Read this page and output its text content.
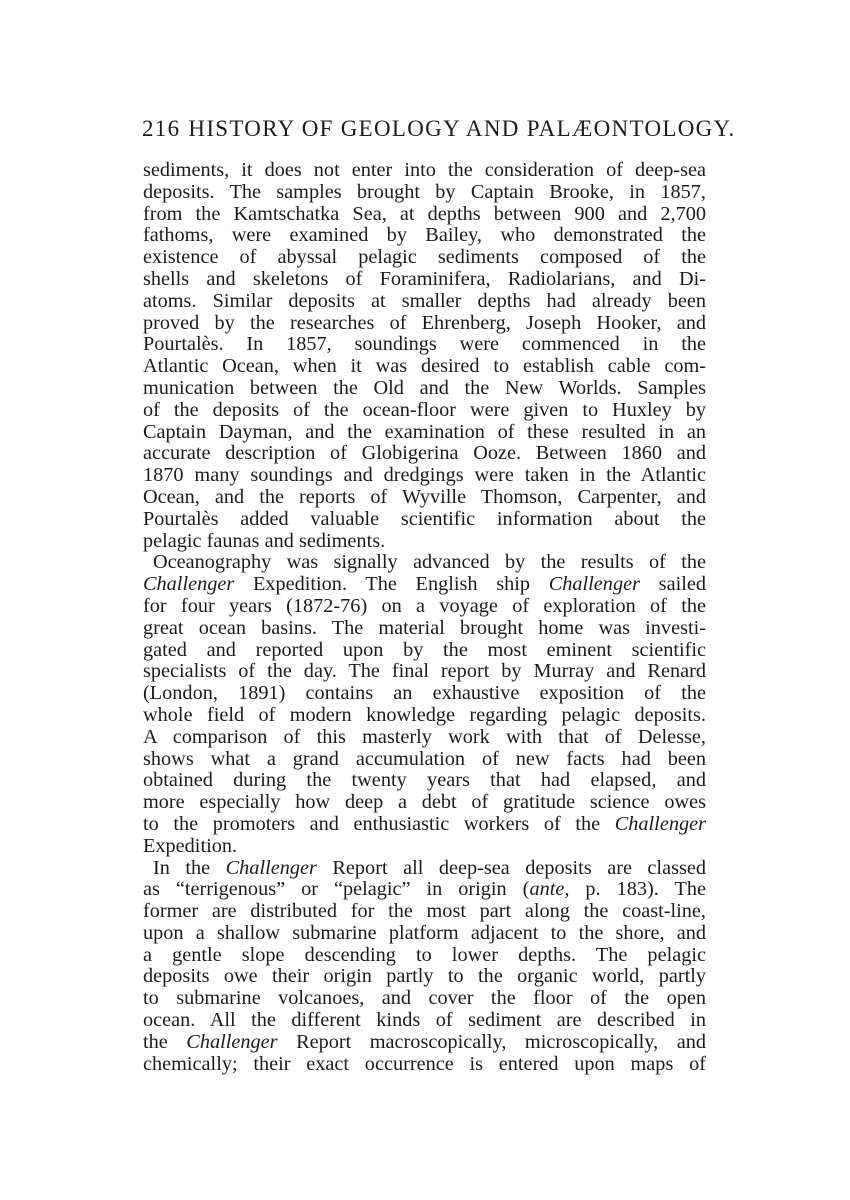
216 HISTORY OF GEOLOGY AND PALÆONTOLOGY.
sediments, it does not enter into the consideration of deep-sea
deposits. The samples brought by Captain Brooke, in 1857,
from the Kamtschatka Sea, at depths between 900 and 2,700
fathoms, were examined by Bailey, who demonstrated the
existence of abyssal pelagic sediments composed of the
shells and skeletons of Foraminifera, Radiolarians, and Di-
atoms. Similar deposits at smaller depths had already been
proved by the researches of Ehrenberg, Joseph Hooker, and
Pourtalès. In 1857, soundings were commenced in the
Atlantic Ocean, when it was desired to establish cable com-
munication between the Old and the New Worlds. Samples
of the deposits of the ocean-floor were given to Huxley by
Captain Dayman, and the examination of these resulted in an
accurate description of Globigerina Ooze. Between 1860 and
1870 many soundings and dredgings were taken in the Atlantic
Ocean, and the reports of Wyville Thomson, Carpenter, and
Pourtalès added valuable scientific information about the
pelagic faunas and sediments.
Oceanography was signally advanced by the results of the
Challenger Expedition. The English ship Challenger sailed
for four years (1872-76) on a voyage of exploration of the
great ocean basins. The material brought home was investi-
gated and reported upon by the most eminent scientific
specialists of the day. The final report by Murray and Renard
(London, 1891) contains an exhaustive exposition of the
whole field of modern knowledge regarding pelagic deposits.
A comparison of this masterly work with that of Delesse,
shows what a grand accumulation of new facts had been
obtained during the twenty years that had elapsed, and
more especially how deep a debt of gratitude science owes
to the promoters and enthusiastic workers of the Challenger
Expedition.
In the Challenger Report all deep-sea deposits are classed
as “terrigenous” or “pelagic” in origin (ante, p. 183). The
former are distributed for the most part along the coast-line,
upon a shallow submarine platform adjacent to the shore, and
a gentle slope descending to lower depths. The pelagic
deposits owe their origin partly to the organic world, partly
to submarine volcanoes, and cover the floor of the open
ocean. All the different kinds of sediment are described in
the Challenger Report macroscopically, microscopically, and
chemically; their exact occurrence is entered upon maps of
